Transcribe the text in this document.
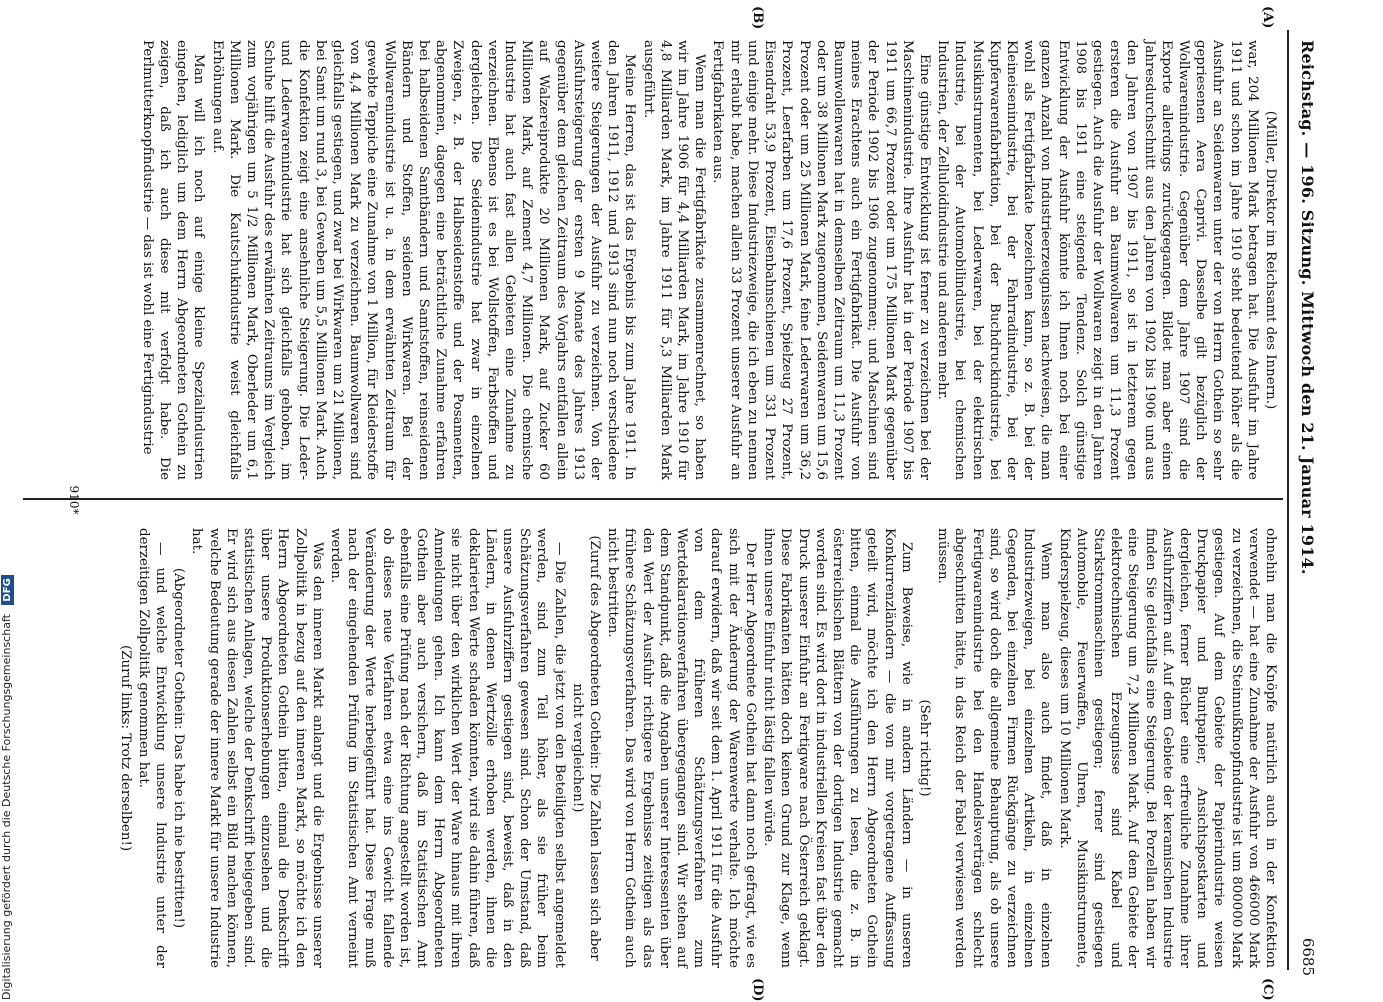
Reichstag. — 196. Sitzung. Mittwoch den 21. Januar 1914.
6685
(A)
(B)
(C)
(D)

(Müller, Direktor im Reichsamt des Innern.)

war, 204 Millionen Mark betragen hat. Die Ausfuhr im Jahre 1911 und schon im Jahre 1910 steht bedeutend höher als die Ausfuhr an Seidenwaren unter der von Herrn Gothein so sehr gepriesenen Aera Caprivi. Dasselbe gilt bezüglich der Wollwarenindustrie. Gegenüber dem Jahre 1907 sind die Exporte allerdings zurückgegangen. Bildet man aber einen Jahresdurchschnitt aus den Jahren von 1902 bis 1906 und aus den Jahren von 1907 bis 1911, so ist in letzterem gegen ersteren die Ausfuhr an Baumwollwaren um 11,3 Prozent gestiegen. Auch die Ausfuhr der Wollwaren zeigt in den Jahren 1908 bis 1911 eine steigende Tendenz. Solch günstige Entwicklung der Ausfuhr könnte ich Ihnen noch bei einer ganzen Anzahl von Industrieerzeugnissen nachweisen, die man wohl als Fertigfabrikate bezeichnen kann, so z. B. bei der Kleineisenindustrie, bei der Fahrradindustrie, bei der Kupferwarenfabrikation, bei der Buchdruckindustrie, bei Musikinstrumenten, bei Lederwaren, bei der elektrischen Industrie, bei der Automobilindustrie, bei chemischen Industrien, der Zelluloidindustrie und anderen mehr.

Eine günstige Entwicklung ist ferner zu verzeichnen bei der Maschinenindustrie. Ihre Ausfuhr hat in der Periode 1907 bis 1911 um 66,7 Prozent oder um 175 Millionen Mark gegenüber der Periode 1902 bis 1906 zugenommen; und Maschinen sind meines Erachtens auch ein Fertigfabrikat. Die Ausfuhr von Baumwollenwaren hat in demselben Zeitraum um 11,3 Prozent oder um 38 Millionen Mark zugenommen, Seidenwaren um 15,6 Prozent oder um 25 Millionen Mark, feine Lederwaren um 36,2 Prozent, Leerfarben um 17,6 Prozent, Spielzeug 27 Prozent, Eisendraht 53,9 Prozent, Eisenbahnschienen um 331 Prozent und einige mehr. Diese Industriezweige, die ich eben zu nennen mir erlaubt habe, machen allein 33 Prozent unserer Ausfuhr an Fertigfabrikaten aus.

Wenn man die Fertigfabrikate zusammenrechnet, so haben wir im Jahre 1906 für 4,4 Milliarden Mark, im Jahre 1910 für 4,8 Milliarden Mark, im Jahre 1911 für 5,3 Milliarden Mark ausgeführt.

Meine Herren, das ist das Ergebnis bis zum Jahre 1911. In den Jahren 1911, 1912 und 1913 sind nun noch verschiedene weitere Steigerungen der Ausfuhr zu verzeichnen. Von der Ausfuhrsteigerung der ersten 9 Monate des Jahres 1913 gegenüber dem gleichen Zeitraum des Vorjahrs entfallen allein auf Walzereiprodukte 20 Millionen Mark, auf Zucker 60 Millionen Mark, auf Zement 4,7 Millionen. Die chemische Industrie hat auch fast allen Gebieten eine Zunahme zu verzeichnen. Ebenso ist es bei Wollstoffen, Farbstoffen und dergleichen. Die Seidenindustrie hat zwar in einzelnen Zweigen, z. B. der Halbseidenstoffe und der Posamenten, abgenommen, dagegen eine beträchtliche Zunahme erfahren bei halbseidenen Samtbändern und Samtstoffen, reinseidenen Bändern und Stoffen, seidenen Wirkwaren. Bei der Wollwarenindustrie ist u. a. in dem erwähnten Zeitraum für gewebte Teppiche eine Zunahme von 1 Million, für Kleiderstoffe von 4,4 Millionen Mark zu verzeichnen. Baumwollwaren sind gleichfalls gestiegen, und zwar bei Wirkwaren um 21 Millionen, bei Samt um rund 3, bei Geweben um 5,5 Millionen Mark. Auch die Konfektion zeigt eine ansehnliche Steigerung. Die Leder- und Lederwarenindustrie hat sich gleichfalls gehoben, im Schuhe hilft die Ausfuhr des erwähnten Zeitraums im Vergleich zum vorjährigen um 5 1/2 Millionen Mark, Oberleder um 6,1 Millionen Mark. Die Kautschukindustrie weist gleichfalls Erhöhungen auf.

Man will ich noch auf einige kleine Spezialindustrien eingehen, lediglich um dem Herrn Abgeordneten Gothein zu zeigen, daß ich auch diese mit verfolgt habe. Die Perlmutterknopfindustrie — das ist wohl eine Fertigindustrie

ohnehin man die Knöpfe natürlich auch in der Konfektion verwendet — hat eine Zunahme der Ausfuhr von 466000 Mark zu verzeichnen, die Steinnußknopfindustrie ist um 800000 Mark gestiegen. Auf dem Gebiete der Papierindustrie weisen Druckpapier und Buntpapier, Ansichtspostkarten und dergleichen, ferner Bücher eine erfreuliche Zunahme ihrer Ausfuhrziffern auf. Auf dem Gebiete der keramischen Industrie finden Sie gleichfalls eine Steigerung. Bei Porzellan haben wir eine Steigerung um 7,2 Millionen Mark. Auf dem Gebiete der elektrotechnischen Erzeugnisse sind Kabel und Starkstrommaschinen gestiegen; ferner sind gestiegen Automobile, Feuerwaffen, Uhren, Musikinstrumente, Kinderspielzeug, dieses um 10 Millionen Mark.

Wenn man also auch findet, daß in einzelnen Industriezweigen, bei einzelnen Artikeln, in einzelnen Gegenden, bei einzelnen Firmen Rückgänge zu verzeichnen sind, so wird doch die allgemeine Behauptung, als ob unsere Fertigwarenindustrie bei den Handelsverträgen schlecht abgeschnitten hätte, in das Reich der Fabel verwiesen werden müssen.

(Sehr richtig!)

Zum Beweise, wie in andern Ländern — in unseren Konkurrenzländern — die von mir vorgetragene Auffassung geteilt wird, möchte ich den Herrn Abgeordneten Gothein bitten, einmal die Ausführungen zu lesen, die z. B. in österreichischen Blättern von der dortigen Industrie gemacht worden sind. Es wird dort in industriellen Kreisen fast über den Druck unserer Einfuhr an Fertigware nach Österreich geklagt. Diese Fabrikanten hätten doch keinen Grund zur Klage, wenn ihnen unsere Einfuhr nicht lästig fallen würde.

Der Herr Abgeordnete Gothein hat dann noch gefragt, wie es sich mit der Änderung der Warenwerte verhalte. Ich möchte darauf erwidern, daß wir seit dem 1. April 1911 für die Ausfuhr von dem früheren Schätzungsverfahren zum Wertdeklarationsverfahren übergegangen sind. Wir stehen auf dem Standpunkt, daß die Angaben unserer Interessenten über den Wert der Ausfuhr richtigere Ergebnisse zeitigen als das frühere Schätzungsverfahren. Das wird von Herrn Gothein auch nicht bestritten.

(Zuruf des Abgeordneten Gothein: Die Zahlen lassen sich aber nicht vergleichen!)

— Die Zahlen, die jetzt von den Beteiligten selbst angemeldet werden, sind zum Teil höher, als sie früher beim Schätzungsverfahren gewesen sind. Schon der Umstand, daß unsere Ausfuhrziffern gestiegen sind, beweist, daß in den Ländern, in denen Wertzölle erhoben werden, ihnen die deklarierten Werte schaden könnten, wird sie dahin führen, daß sie nicht über den wirklichen Wert der Ware hinaus mit ihren Anmeldungen gehen. Ich kann dem Herrn Abgeordneten Gothein aber auch versichern, daß im Statistischen Amt ebenfalls eine Prüfung nach der Richtung angestellt worden ist, ob dieses neue Verfahren etwa eine ins Gewicht fallende Veränderung der Werte herbeigeführt hat. Diese Frage muß nach der eingehenden Prüfung im Statistischen Amt verneint werden.

Was den inneren Markt anlangt und die Ergebnisse unserer Zollpolitik in bezug auf den inneren Markt, so möchte ich den Herrn Abgeordneten Gothein bitten, einmal die Denkschrift über unsere Produktionserhebungen einzusehen und die statistischen Anlagen, welche der Denkschrift beigegeben sind. Er wird sich aus diesen Zahlen selbst ein Bild machen können, welche Bedeutung gerade der innere Markt für unsere Industrie hat.

(Abgeordneter Gothein: Das habe ich nie bestritten!)

— und welche Entwicklung unsere Industrie unter der derzeitigen Zollpolitik genommen hat.

(Zuruf links: Trotz derselben!)

910*
Digitalisierung gefördert durch die Deutsche Forschungsgemeinschaft DFG
